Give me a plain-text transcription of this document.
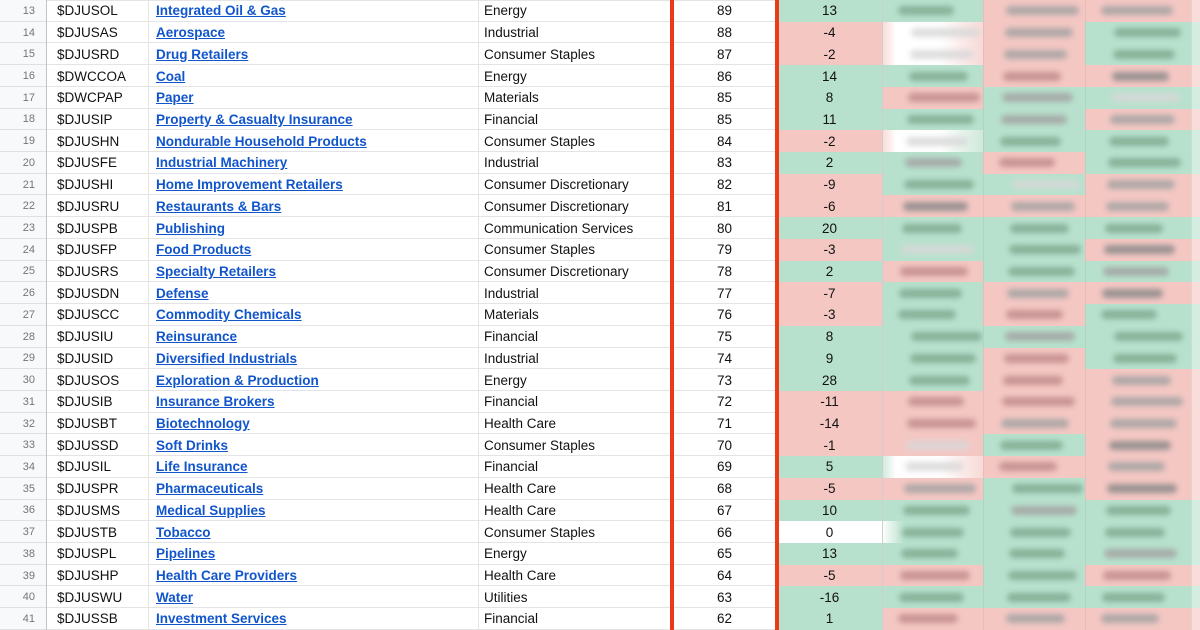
13	$DJUSOL	Integrated Oil & Gas	Energy	89	13
14	$DJUSAS	Aerospace	Industrial	88	-4
15	$DJUSRD	Drug Retailers	Consumer Staples	87	-2
16	$DWCCOA	Coal	Energy	86	14
17	$DWCPAP	Paper	Materials	85	8
18	$DJUSIP	Property & Casualty Insurance	Financial	85	11
19	$DJUSHN	Nondurable Household Products	Consumer Staples	84	-2
20	$DJUSFE	Industrial Machinery	Industrial	83	2
21	$DJUSHI	Home Improvement Retailers	Consumer Discretionary	82	-9
22	$DJUSRU	Restaurants & Bars	Consumer Discretionary	81	-6
23	$DJUSPB	Publishing	Communication Services	80	20
24	$DJUSFP	Food Products	Consumer Staples	79	-3
25	$DJUSRS	Specialty Retailers	Consumer Discretionary	78	2
26	$DJUSDN	Defense	Industrial	77	-7
27	$DJUSCC	Commodity Chemicals	Materials	76	-3
28	$DJUSIU	Reinsurance	Financial	75	8
29	$DJUSID	Diversified Industrials	Industrial	74	9
30	$DJUSOS	Exploration & Production	Energy	73	28
31	$DJUSIB	Insurance Brokers	Financial	72	-11
32	$DJUSBT	Biotechnology	Health Care	71	-14
33	$DJUSSD	Soft Drinks	Consumer Staples	70	-1
34	$DJUSIL	Life Insurance	Financial	69	5
35	$DJUSPR	Pharmaceuticals	Health Care	68	-5
36	$DJUSMS	Medical Supplies	Health Care	67	10
37	$DJUSTB	Tobacco	Consumer Staples	66	0
38	$DJUSPL	Pipelines	Energy	65	13
39	$DJUSHP	Health Care Providers	Health Care	64	-5
40	$DJUSWU	Water	Utilities	63	-16
41	$DJUSSB	Investment Services	Financial	62	1
